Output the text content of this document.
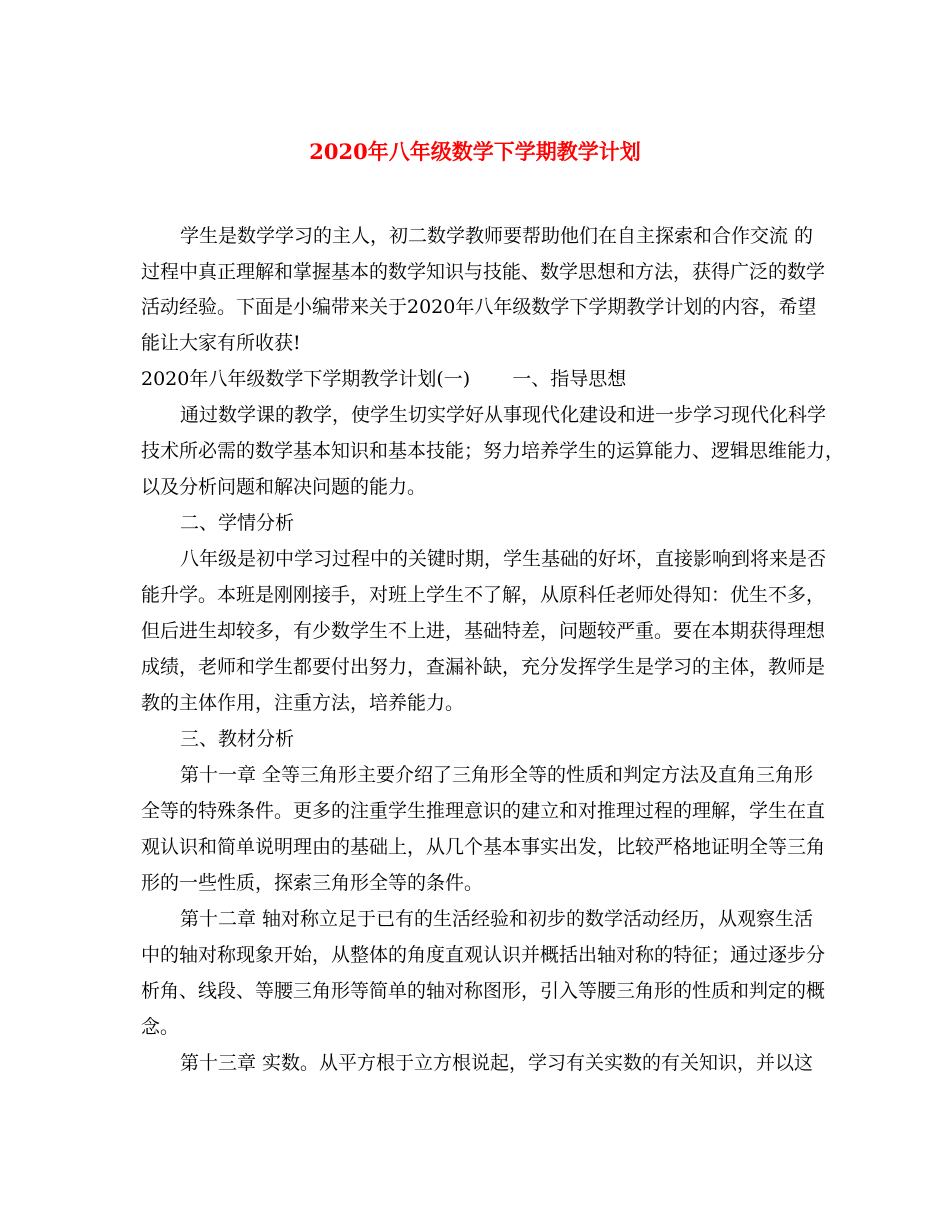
2020年八年级数学下学期教学计划
学生是数学学习的主人，初二数学教师要帮助他们在自主探索和合作交流 的
过程中真正理解和掌握基本的数学知识与技能、数学思想和方法，获得广泛的数学
活动经验。下面是小编带来关于2020年八年级数学下学期教学计划的内容，希望
能让大家有所收获!
2020年八年级数学下学期教学计划(一) 一、指导思想
通过数学课的教学，使学生切实学好从事现代化建设和进一步学习现代化科学
技术所必需的数学基本知识和基本技能；努力培养学生的运算能力、逻辑思维能力，
以及分析问题和解决问题的能力。
二、学情分析
八年级是初中学习过程中的关键时期，学生基础的好坏，直接影响到将来是否
能升学。本班是刚刚接手，对班上学生不了解，从原科任老师处得知：优生不多，
但后进生却较多，有少数学生不上进，基础特差，问题较严重。要在本期获得理想
成绩，老师和学生都要付出努力，查漏补缺，充分发挥学生是学习的主体，教师是
教的主体作用，注重方法，培养能力。
三、教材分析
第十一章 全等三角形主要介绍了三角形全等的性质和判定方法及直角三角形
全等的特殊条件。更多的注重学生推理意识的建立和对推理过程的理解，学生在直
观认识和简单说明理由的基础上，从几个基本事实出发，比较严格地证明全等三角
形的一些性质，探索三角形全等的条件。
第十二章 轴对称立足于已有的生活经验和初步的数学活动经历，从观察生活
中的轴对称现象开始，从整体的角度直观认识并概括出轴对称的特征；通过逐步分
析角、线段、等腰三角形等简单的轴对称图形，引入等腰三角形的性质和判定的概
念。
第十三章 实数。从平方根于立方根说起，学习有关实数的有关知识，并以这
